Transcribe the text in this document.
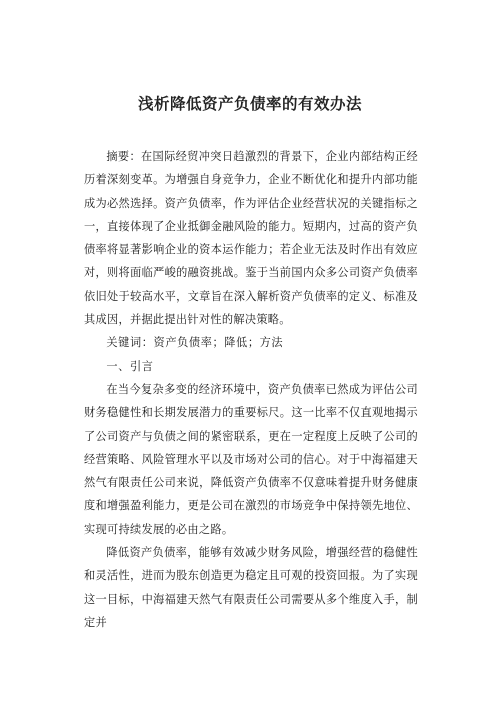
浅析降低资产负债率的有效办法

摘要：在国际经贸冲突日趋激烈的背景下，企业内部结构正经历着深刻变革。为增强自身竞争力，企业不断优化和提升内部功能成为必然选择。资产负债率，作为评估企业经营状况的关键指标之一，直接体现了企业抵御金融风险的能力。短期内，过高的资产负债率将显著影响企业的资本运作能力；若企业无法及时作出有效应对，则将面临严峻的融资挑战。鉴于当前国内众多公司资产负债率依旧处于较高水平，文章旨在深入解析资产负债率的定义、标准及其成因，并据此提出针对性的解决策略。

关键词：资产负债率；降低；方法

一、引言

在当今复杂多变的经济环境中，资产负债率已然成为评估公司财务稳健性和长期发展潜力的重要标尺。这一比率不仅直观地揭示了公司资产与负债之间的紧密联系，更在一定程度上反映了公司的经营策略、风险管理水平以及市场对公司的信心。对于中海福建天然气有限责任公司来说，降低资产负债率不仅意味着提升财务健康度和增强盈利能力，更是公司在激烈的市场竞争中保持领先地位、实现可持续发展的必由之路。

降低资产负债率，能够有效减少财务风险，增强经营的稳健性和灵活性，进而为股东创造更为稳定且可观的投资回报。为了实现这一目标，中海福建天然气有限责任公司需要从多个维度入手，制定并
